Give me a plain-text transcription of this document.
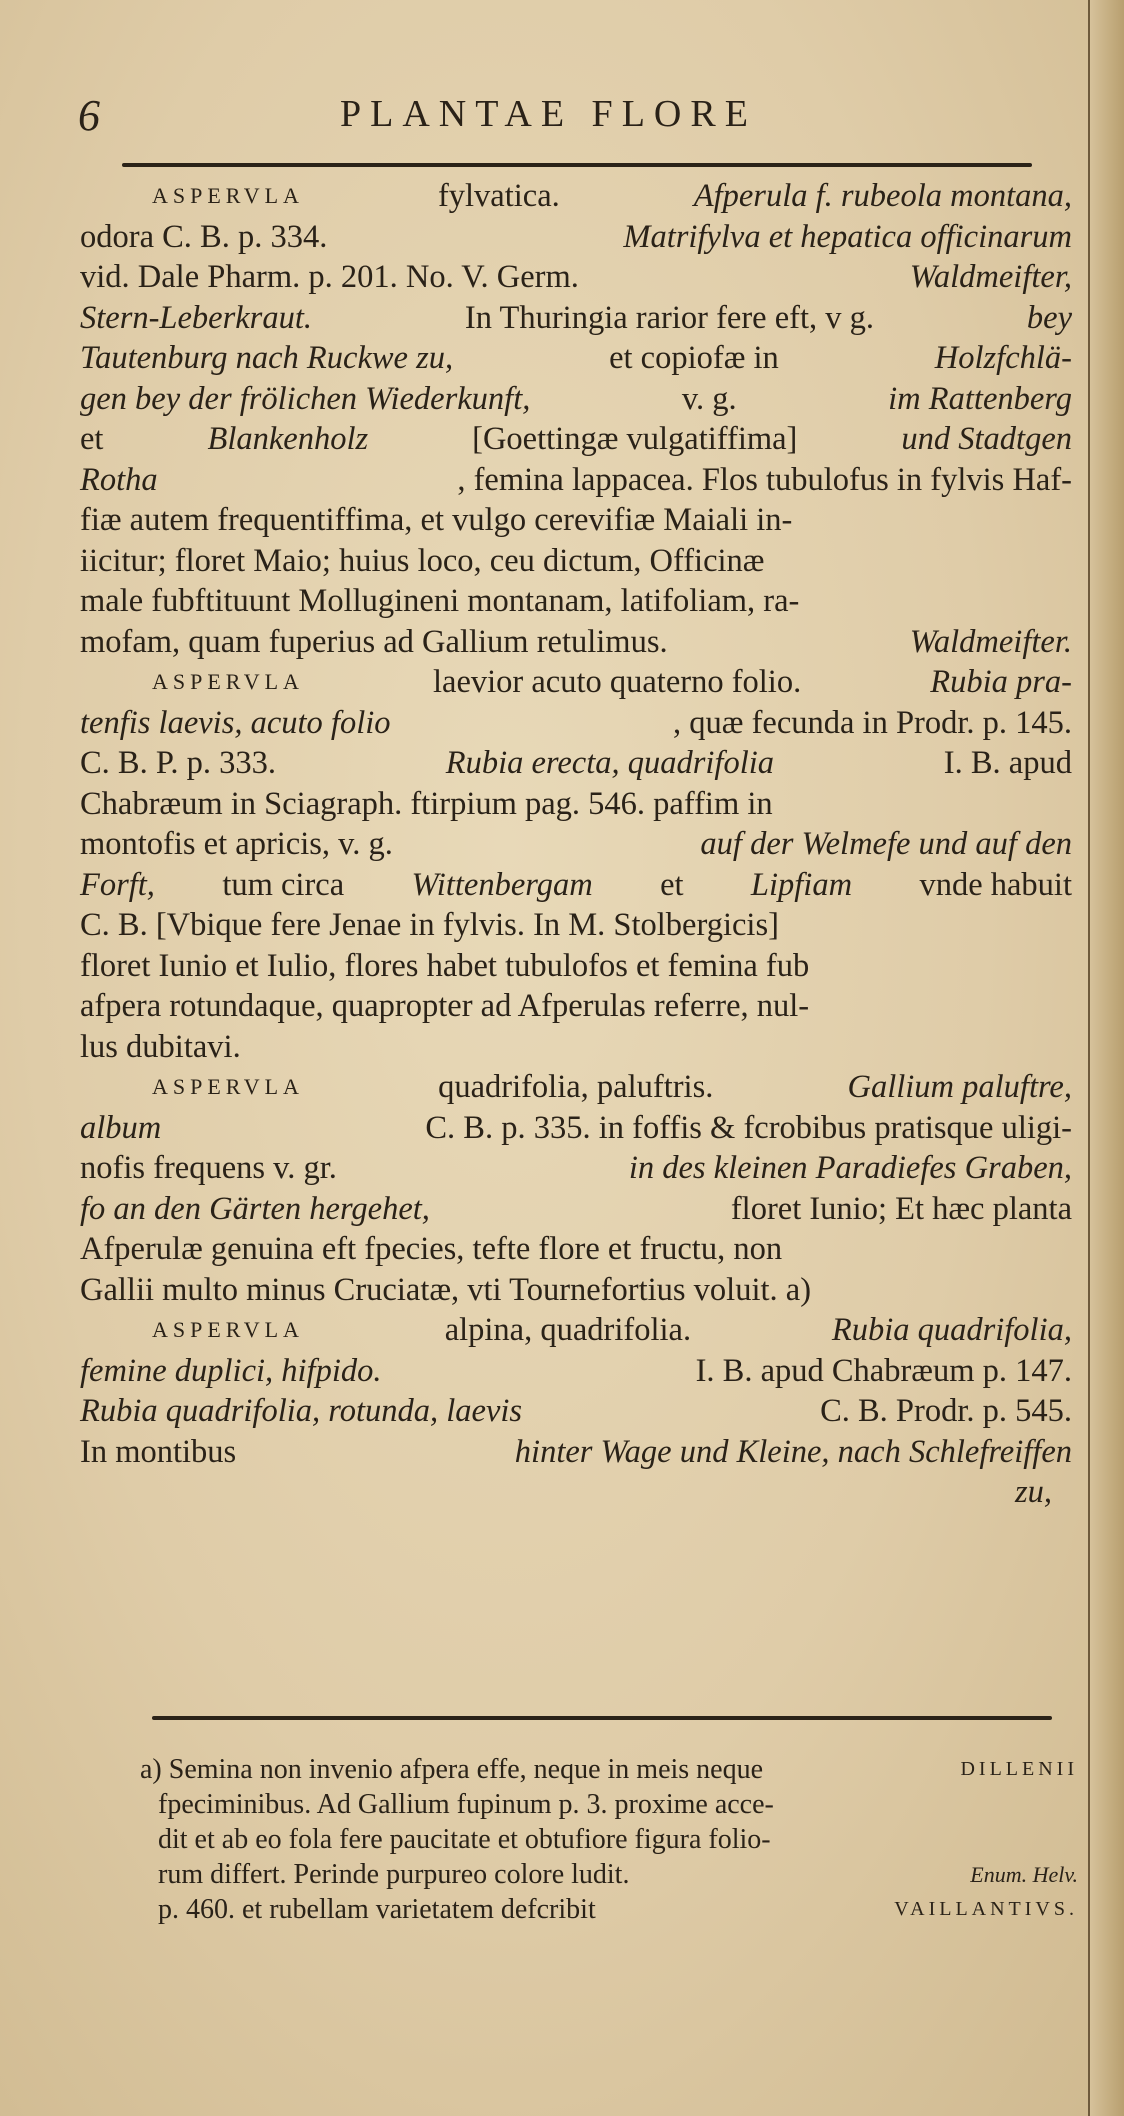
6	PLANTAE FLORE
ASPERVLA	fylvatica.	Afperula f. rubeola montana,
odora C. B. p. 334.	Matrifylva et hepatica officinarum
vid. Dale Pharm. p. 201. No. V. Germ.	Waldmeifter,
Stern-Leberkraut.	In Thuringia rarior fere eft, v g.	bey
Tautenburg nach Ruckwe zu,	et copiofæ in	Holzfchlä-
gen bey der frölichen Wiederkunft,	v. g.	im Rattenberg
et	Blankenholz	[Goettingæ vulgatiffima]	und Stadtgen
Rotha	, femina lappacea. Flos tubulofus in fylvis Haf-
fiæ autem frequentiffima, et vulgo cerevifiæ Maiali in-
iicitur; floret Maio; huius loco, ceu dictum, Officinæ
male fubftituunt Mollugineni montanam, latifoliam, ra-
mofam, quam fuperius ad Gallium retulimus.	Waldmeifter.
ASPERVLA	laevior acuto quaterno folio.	Rubia pra-
tenfis laevis, acuto folio	, quæ fecunda in Prodr. p. 145.
C. B. P. p. 333.	Rubia erecta, quadrifolia	I. B. apud
Chabræum in Sciagraph. ftirpium pag. 546. paffim in
montofis et apricis, v. g.	auf der Welmefe und auf den
Forft, tum circa Wittenbergam et Lipfiam vnde habuit
C. B. [Vbique fere Jenae in fylvis. In M. Stolbergicis]
floret Iunio et Iulio, flores habet tubulofos et femina fub
afpera rotundaque, quapropter ad Afperulas referre, nul-
lus dubitavi.
ASPERVLA	quadrifolia, paluftris.	Gallium paluftre,
album	C. B. p. 335. in foffis & fcrobibus pratisque uligi-
nofis frequens v. gr.	in des kleinen Paradiefes Graben,
fo an den Gärten hergehet,	floret Iunio; Et hæc planta
Afperulæ genuina eft fpecies, tefte flore et fructu, non
Gallii multo minus Cruciatæ, vti Tournefortius voluit. a)
ASPERVLA	alpina, quadrifolia.	Rubia quadrifolia,
femine duplici, hifpido.	I. B. apud Chabræum p. 147.
Rubia quadrifolia, rotunda, laevis	C. B. Prodr. p. 545.
In montibus	hinter Wage und Kleine, nach Schlefreiffen
zu,
a) Semina non invenio afpera effe, neque in meis neque	DILLENII
fpeciminibus. Ad Gallium fupinum p. 3. proxime acce-
dit et ab eo fola fere paucitate et obtufiore figura folio-
rum differt. Perinde purpureo colore ludit.	Enum. Helv.
p. 460. et rubellam varietatem defcribit	VAILLANTIVS.
